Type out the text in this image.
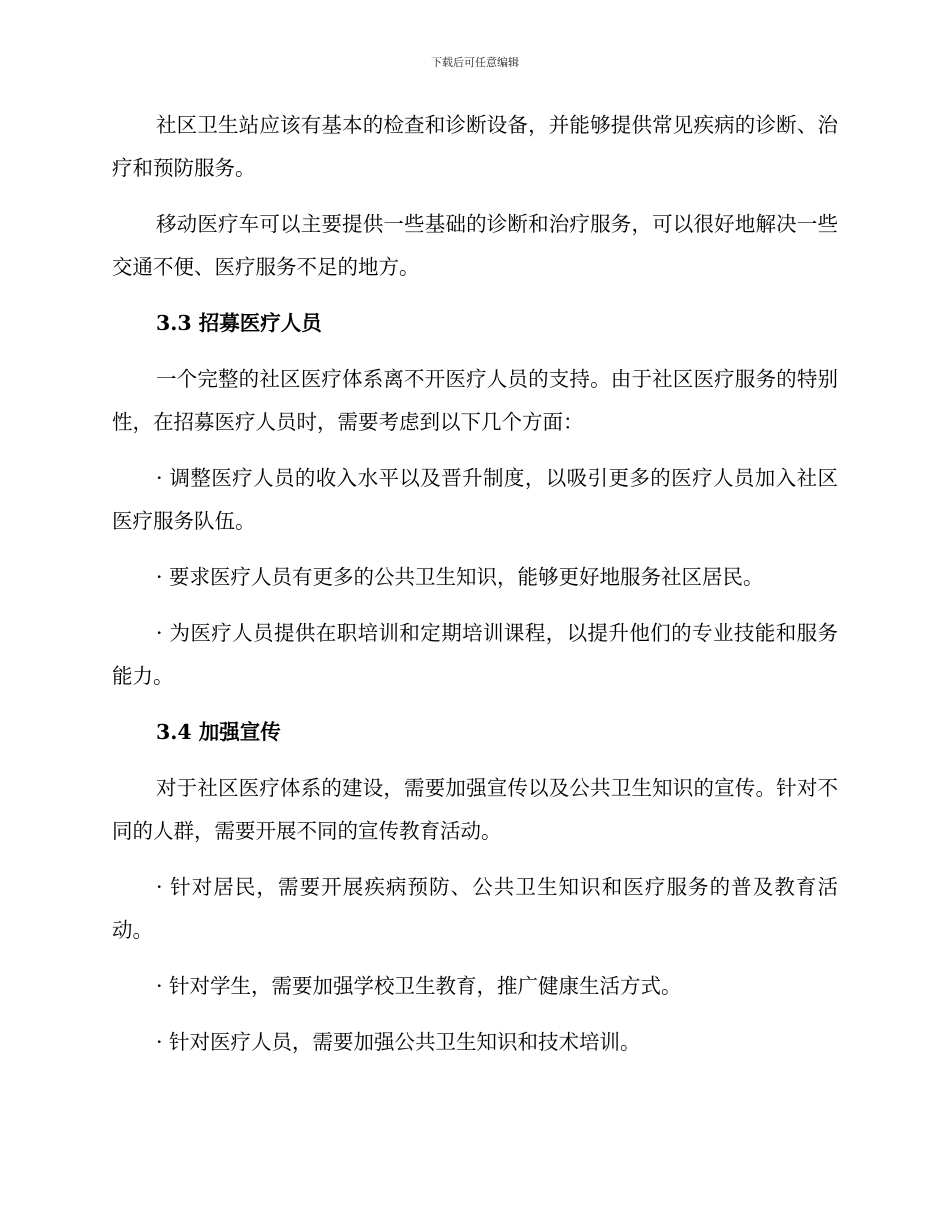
下载后可任意编辑

社区卫生站应该有基本的检查和诊断设备，并能够提供常见疾病的诊断、治疗和预防服务。

移动医疗车可以主要提供一些基础的诊断和治疗服务，可以很好地解决一些交通不便、医疗服务不足的地方。

3.3 招募医疗人员

一个完整的社区医疗体系离不开医疗人员的支持。由于社区医疗服务的特别性，在招募医疗人员时，需要考虑到以下几个方面：

· 调整医疗人员的收入水平以及晋升制度，以吸引更多的医疗人员加入社区医疗服务队伍。

· 要求医疗人员有更多的公共卫生知识，能够更好地服务社区居民。

· 为医疗人员提供在职培训和定期培训课程，以提升他们的专业技能和服务能力。

3.4 加强宣传

对于社区医疗体系的建设，需要加强宣传以及公共卫生知识的宣传。针对不同的人群，需要开展不同的宣传教育活动。

· 针对居民，需要开展疾病预防、公共卫生知识和医疗服务的普及教育活动。

· 针对学生，需要加强学校卫生教育，推广健康生活方式。

· 针对医疗人员，需要加强公共卫生知识和技术培训。
